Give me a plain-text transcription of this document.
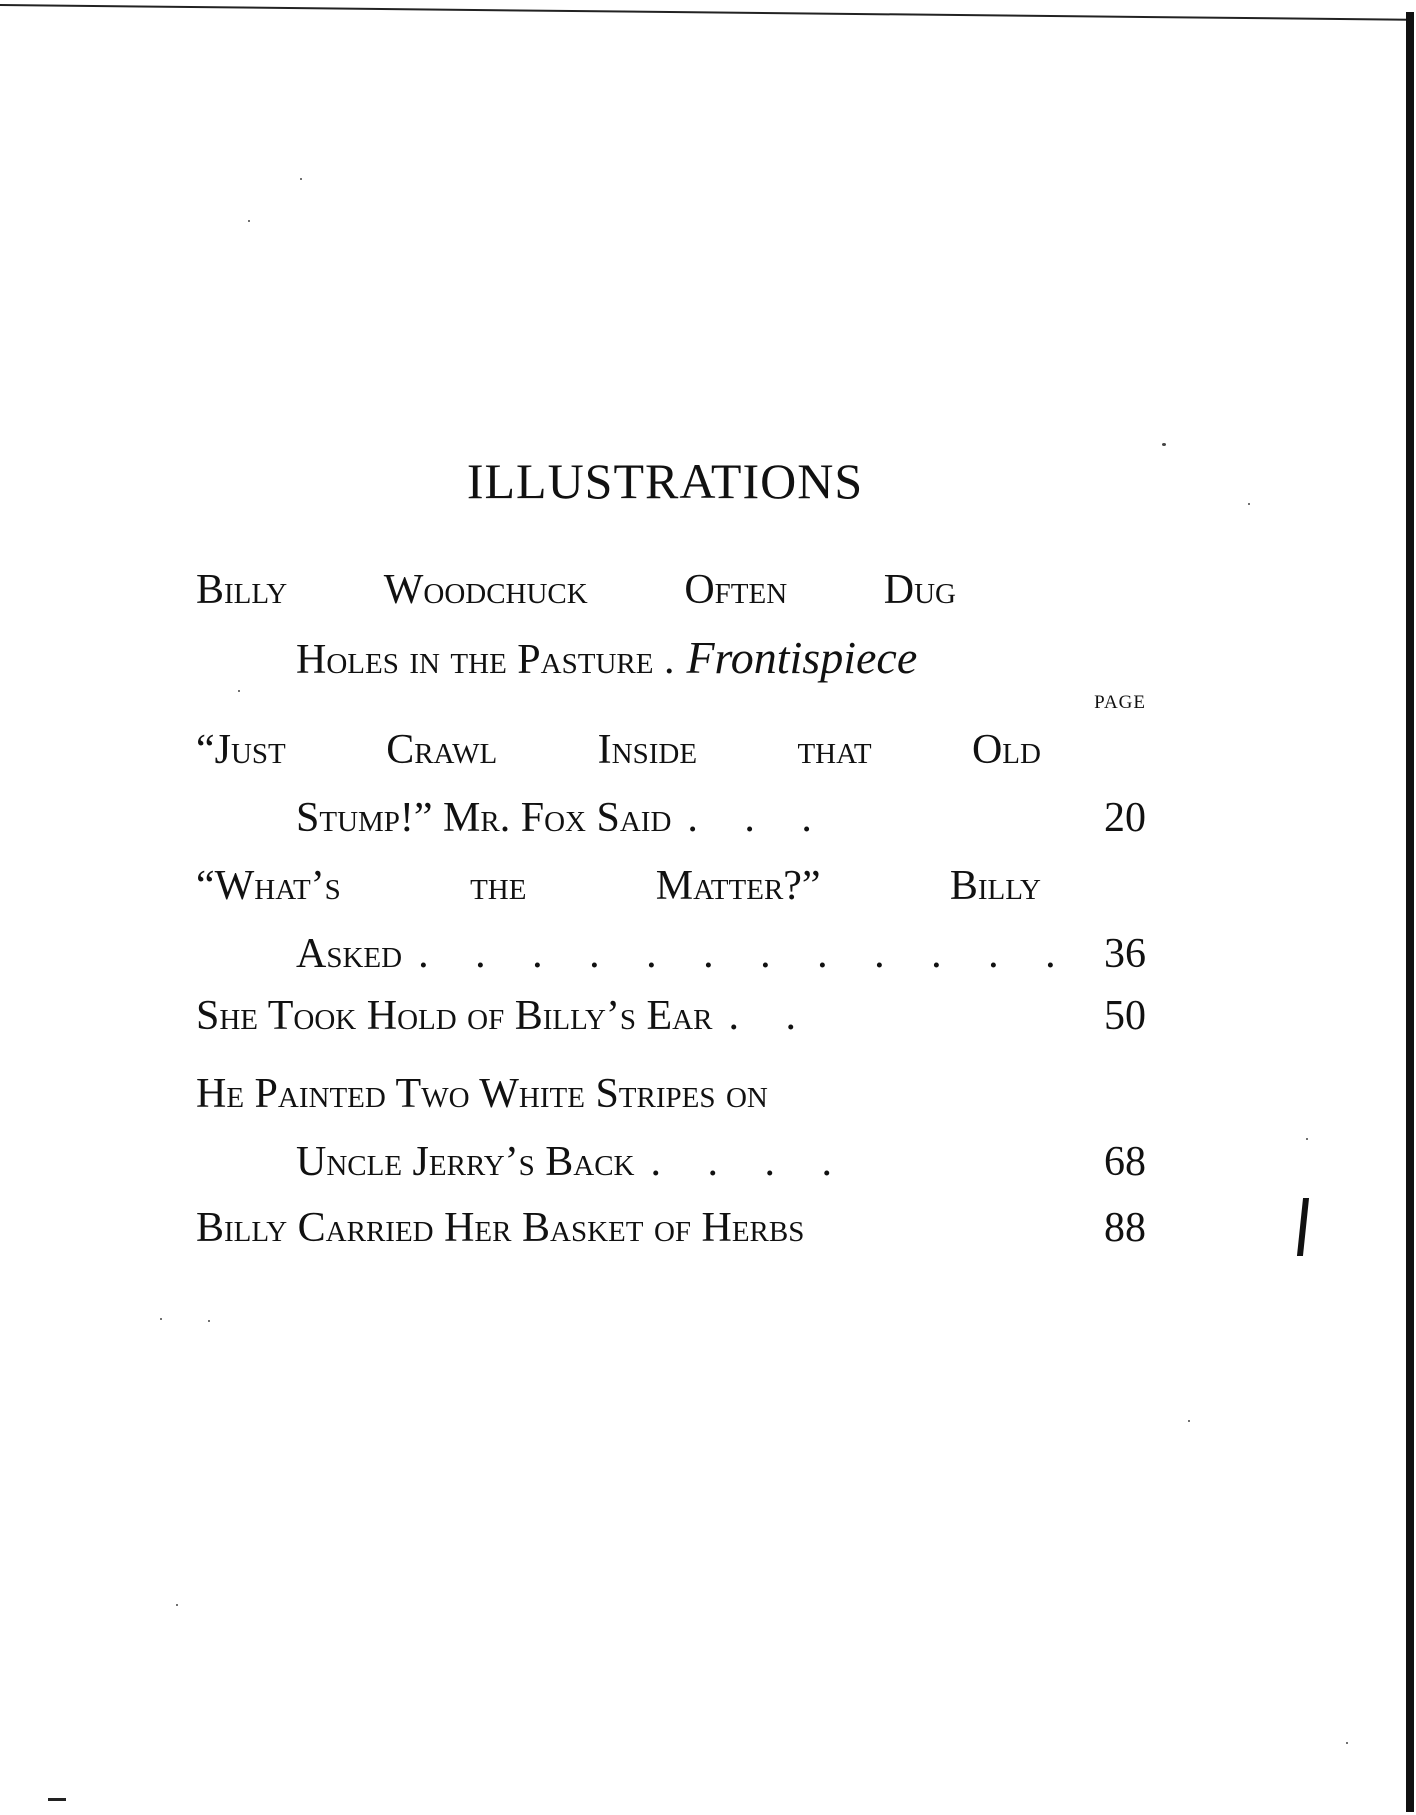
ILLUSTRATIONS
Billy Woodchuck Often Dug
Holes in the Pasture . Frontispiece
PAGE
“Just Crawl Inside that Old
Stump!” Mr. Fox Said . . .	20
“What’s	the	Matter?”	Billy
Asked . . . . . . . . . . . . 36
She Took Hold of Billy’s Ear . .	50
He Painted Two White Stripes on
Uncle Jerry’s Back . . . .	68
Billy Carried Her Basket of Herbs	88
